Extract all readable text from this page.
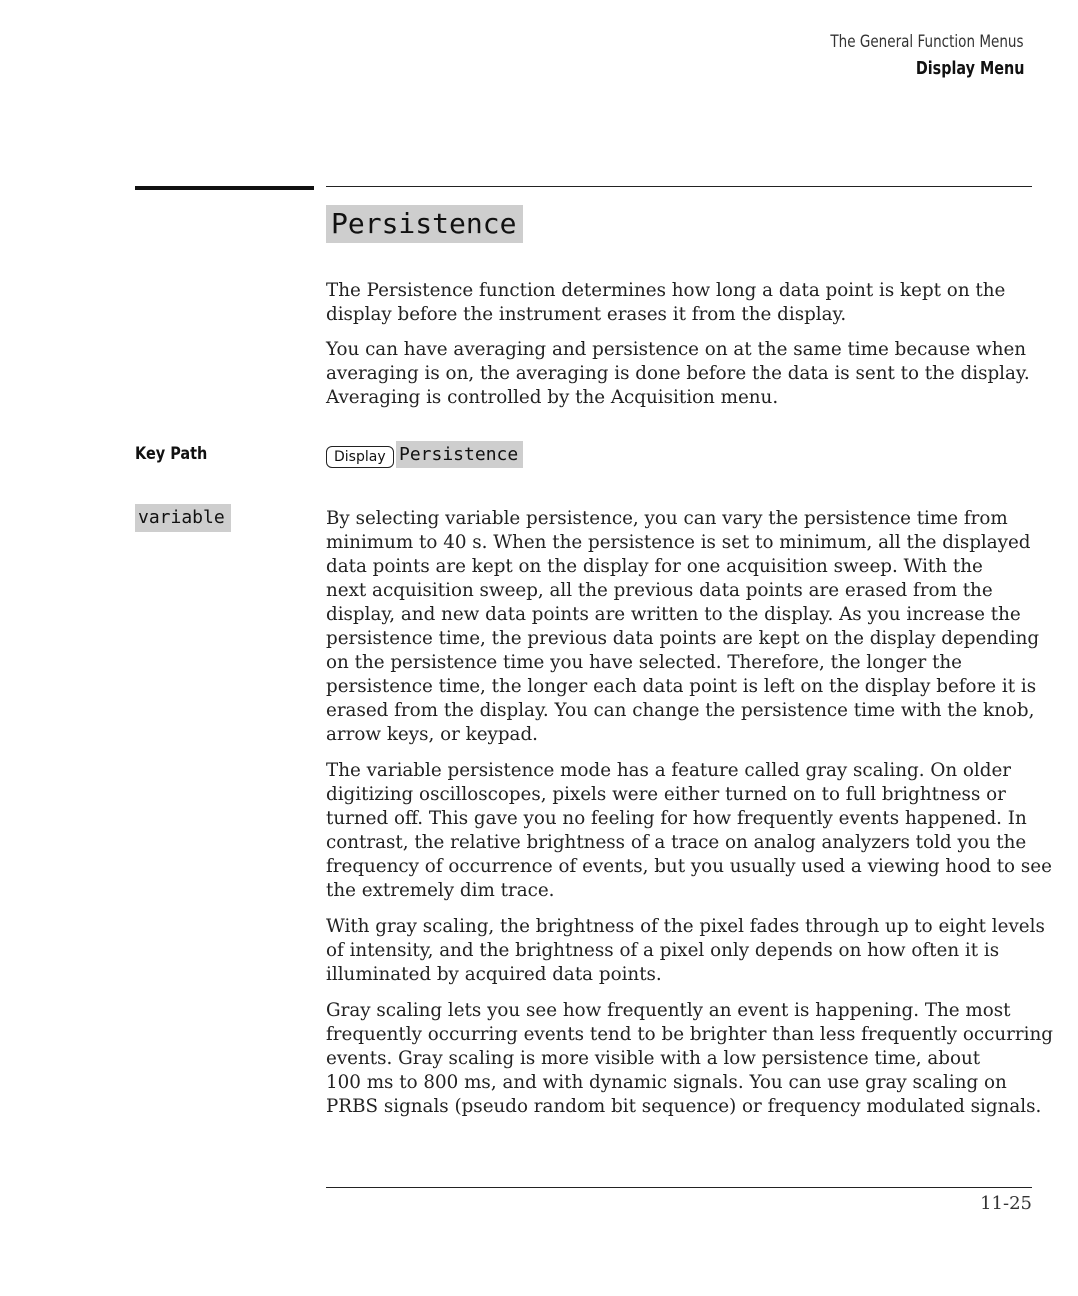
The General Function Menus
Display Menu
Persistence

The Persistence function determines how long a data point is kept on the
display before the instrument erases it from the display.

You can have averaging and persistence on at the same time because when
averaging is on, the averaging is done before the data is sent to the display.
Averaging is controlled by the Acquisition menu.

Key Path	Display Persistence
variable	By selecting variable persistence, you can vary the persistence time from
minimum to 40 s. When the persistence is set to minimum, all the displayed
data points are kept on the display for one acquisition sweep. With the
next acquisition sweep, all the previous data points are erased from the
display, and new data points are written to the display. As you increase the
persistence time, the previous data points are kept on the display depending
on the persistence time you have selected. Therefore, the longer the
persistence time, the longer each data point is left on the display before it is
erased from the display. You can change the persistence time with the knob,
arrow keys, or keypad.

The variable persistence mode has a feature called gray scaling. On older
digitizing oscilloscopes, pixels were either turned on to full brightness or
turned off. This gave you no feeling for how frequently events happened. In
contrast, the relative brightness of a trace on analog analyzers told you the
frequency of occurrence of events, but you usually used a viewing hood to see
the extremely dim trace.

With gray scaling, the brightness of the pixel fades through up to eight levels
of intensity, and the brightness of a pixel only depends on how often it is
illuminated by acquired data points.

Gray scaling lets you see how frequently an event is happening. The most
frequently occurring events tend to be brighter than less frequently occurring
events. Gray scaling is more visible with a low persistence time, about
100 ms to 800 ms, and with dynamic signals. You can use gray scaling on
PRBS signals (pseudo random bit sequence) or frequency modulated signals.

11-25
